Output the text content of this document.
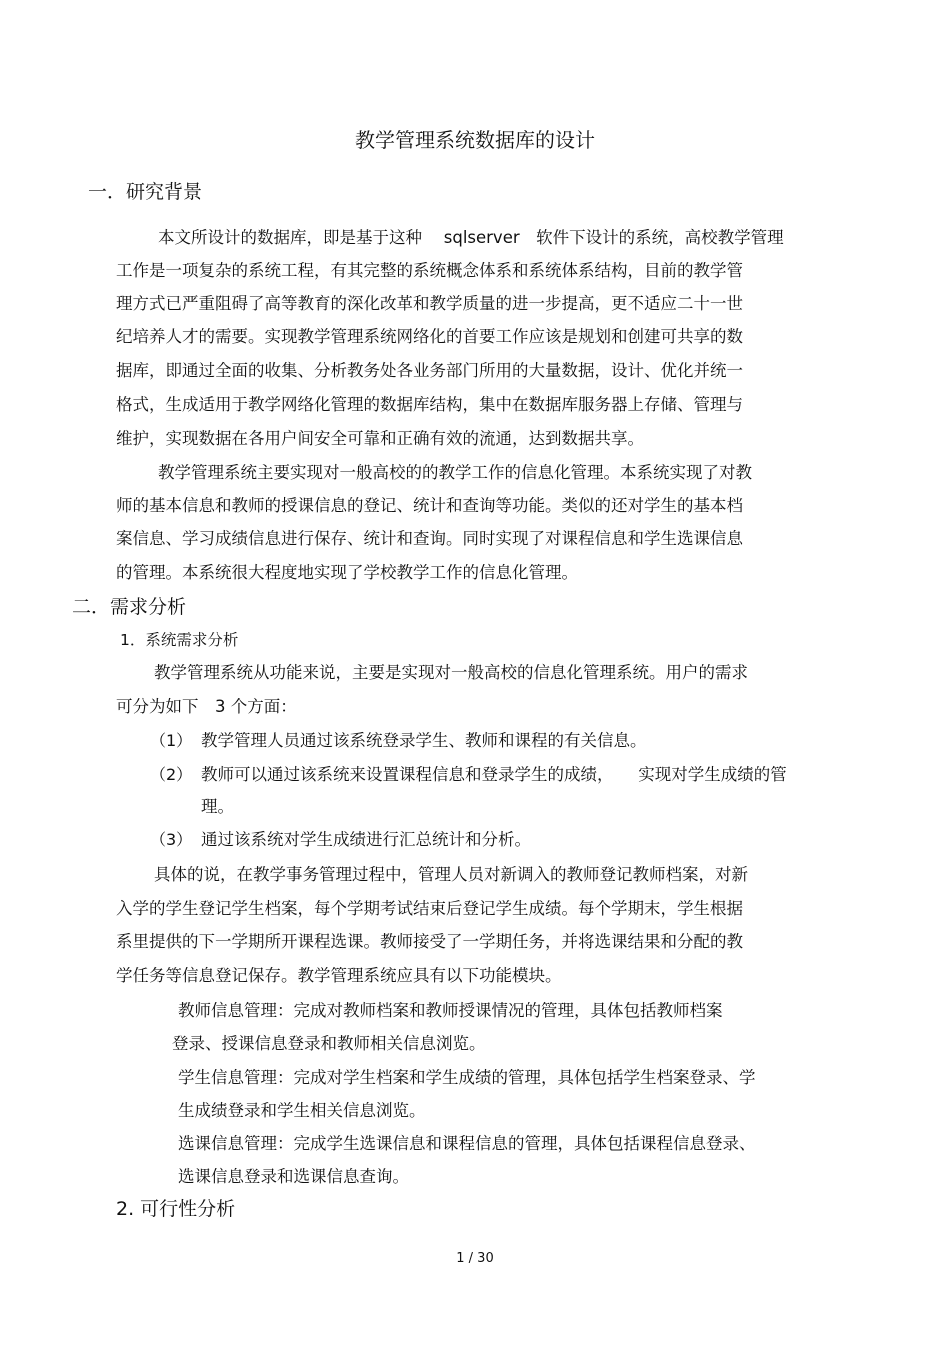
教学管理系统数据库的设计
一．研究背景
本文所设计的数据库，即是基于这种　 sqlserver　软件下设计的系统，高校教学管理
工作是一项复杂的系统工程，有其完整的系统概念体系和系统体系结构，目前的教学管
理方式已严重阻碍了高等教育的深化改革和教学质量的进一步提高，更不适应二十一世
纪培养人才的需要。实现教学管理系统网络化的首要工作应该是规划和创建可共享的数
据库，即通过全面的收集、分析教务处各业务部门所用的大量数据，设计、优化并统一
格式，生成适用于教学网络化管理的数据库结构，集中在数据库服务器上存储、管理与
维护，实现数据在各用户间安全可靠和正确有效的流通，达到数据共享。
教学管理系统主要实现对一般高校的的教学工作的信息化管理。本系统实现了对教
师的基本信息和教师的授课信息的登记、统计和查询等功能。类似的还对学生的基本档
案信息、学习成绩信息进行保存、统计和查询。同时实现了对课程信息和学生选课信息
的管理。本系统很大程度地实现了学校教学工作的信息化管理。
二．需求分析
1．系统需求分析
教学管理系统从功能来说，主要是实现对一般高校的信息化管理系统。用户的需求
可分为如下　3 个方面：
（1） 教学管理人员通过该系统登录学生、教师和课程的有关信息。
（2） 教师可以通过该系统来设置课程信息和登录学生的成绩，　　实现对学生成绩的管
理。
（3） 通过该系统对学生成绩进行汇总统计和分析。
具体的说，在教学事务管理过程中，管理人员对新调入的教师登记教师档案，对新
入学的学生登记学生档案，每个学期考试结束后登记学生成绩。每个学期末，学生根据
系里提供的下一学期所开课程选课。教师接受了一学期任务，并将选课结果和分配的教
学任务等信息登记保存。教学管理系统应具有以下功能模块。
教师信息管理：完成对教师档案和教师授课情况的管理，具体包括教师档案
登录、授课信息登录和教师相关信息浏览。
学生信息管理：完成对学生档案和学生成绩的管理，具体包括学生档案登录、学
生成绩登录和学生相关信息浏览。
选课信息管理：完成学生选课信息和课程信息的管理，具体包括课程信息登录、
选课信息登录和选课信息查询。
2. 可行性分析
1 / 30
